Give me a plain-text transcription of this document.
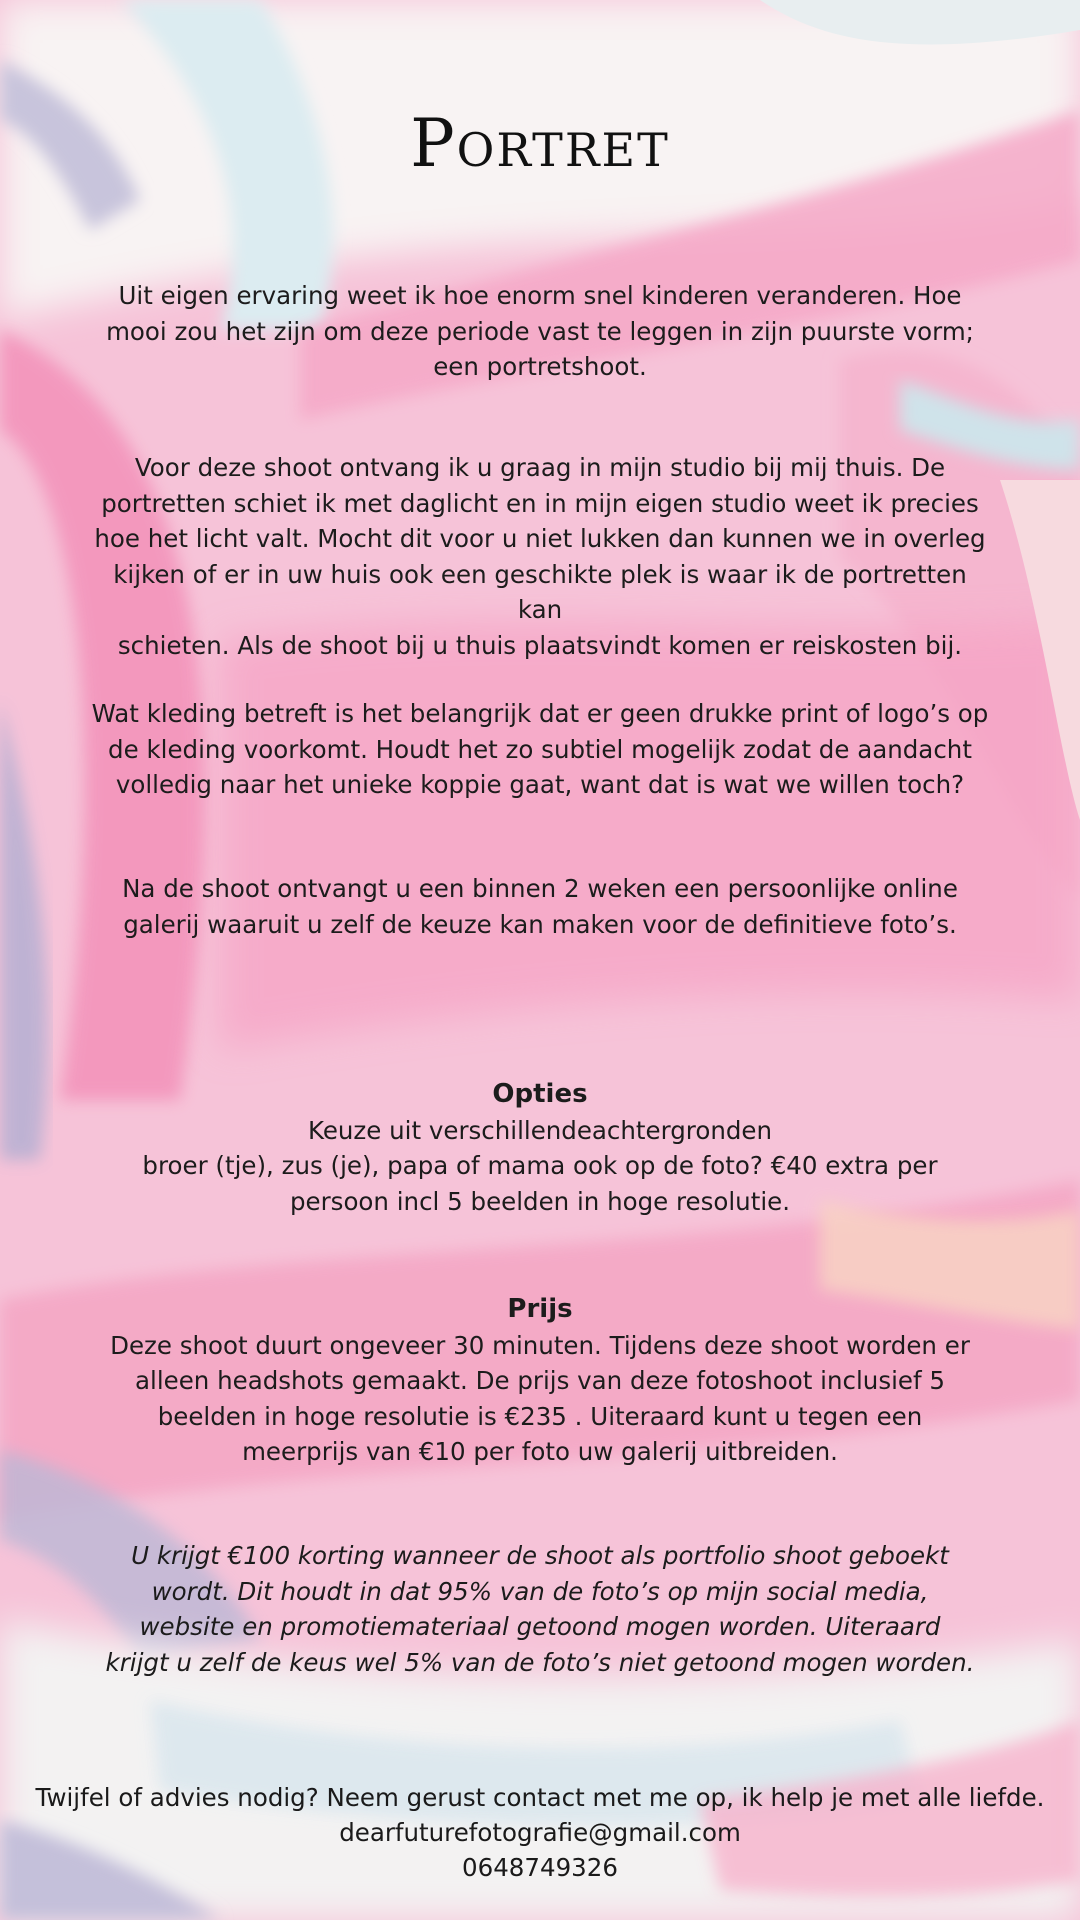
Portret
Uit eigen ervaring weet ik hoe enorm snel kinderen veranderen. Hoe
mooi zou het zijn om deze periode vast te leggen in zijn puurste vorm;
een portretshoot.
Voor deze shoot ontvang ik u graag in mijn studio bij mij thuis. De
portretten schiet ik met daglicht en in mijn eigen studio weet ik precies
hoe het licht valt. Mocht dit voor u niet lukken dan kunnen we in overleg
kijken of er in uw huis ook een geschikte plek is waar ik de portretten kan
schieten. Als de shoot bij u thuis plaatsvindt komen er reiskosten bij.
Wat kleding betreft is het belangrijk dat er geen drukke print of logo’s op
de kleding voorkomt. Houdt het zo subtiel mogelijk zodat de aandacht
volledig naar het unieke koppie gaat, want dat is wat we willen toch?
Na de shoot ontvangt u een binnen 2 weken een persoonlijke online
galerij waaruit u zelf de keuze kan maken voor de definitieve foto’s.
Opties
Keuze uit verschillendeachtergronden
broer (tje), zus (je), papa of mama ook op de foto? €40 extra per
persoon incl 5 beelden in hoge resolutie.
Prijs
Deze shoot duurt ongeveer 30 minuten. Tijdens deze shoot worden er
alleen headshots gemaakt. De prijs van deze fotoshoot inclusief 5
beelden in hoge resolutie is €235 . Uiteraard kunt u tegen een
meerprijs van €10 per foto uw galerij uitbreiden.
U krijgt €100 korting wanneer de shoot als portfolio shoot geboekt
wordt. Dit houdt in dat 95% van de foto’s op mijn social media,
website en promotiemateriaal getoond mogen worden. Uiteraard
krijgt u zelf de keus wel 5% van de foto’s niet getoond mogen worden.
Twijfel of advies nodig? Neem gerust contact met me op, ik help je met alle liefde.
dearfuturefotografie@gmail.com
0648749326
